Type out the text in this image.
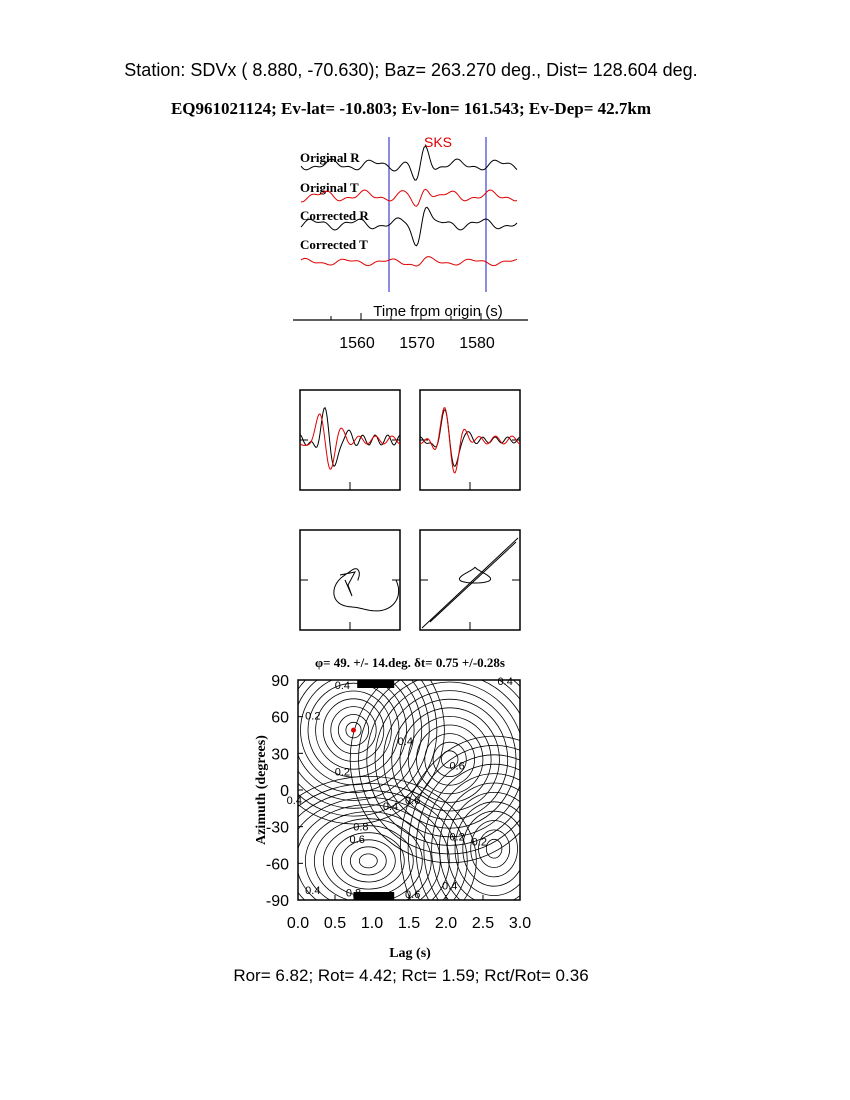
Station: SDVx ( 8.880, -70.630); Baz= 263.270 deg., Dist= 128.604 deg.
EQ961021124; Ev-lat= -10.803; Ev-lon= 161.543; Ev-Dep= 42.7km
SKS
Original R
Original T
Corrected R
Corrected T
Time from origin (s)
1560 1570 1580
φ= 49. +/- 14.deg. δt= 0.75 +/-0.28s
0.4	0.4
0.2
0.4
0.6
0.2
0.4
0.4
0.6
0.8
0.2 0.2
0.6
0.8	0.6
0.4
0.4
0.0 0.5 1.0 1.5 2.0 2.5 3.0
90
60
30
0
-30
-60
-90
Lag (s)
Azimuth (degrees)
Ror= 6.82; Rot= 4.42; Rct= 1.59; Rct/Rot= 0.36
